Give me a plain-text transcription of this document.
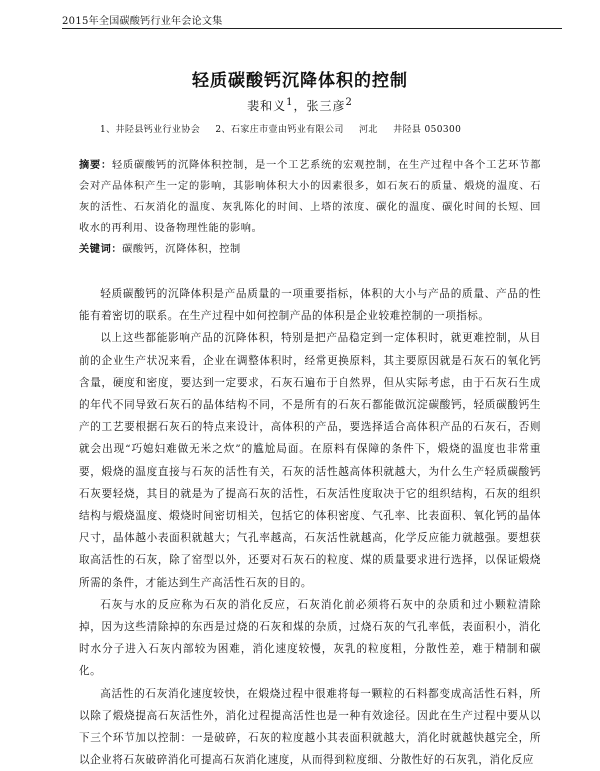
2015年全国碳酸钙行业年会论文集
轻质碳酸钙沉降体积的控制
裴和义$^1$，张三彦$^2$
1、井陉县钙业行业协会 2、石家庄市壹由钙业有限公司 河北 井陉县 050300
摘要：轻质碳酸钙的沉降体积控制，是一个工艺系统的宏观控制，在生产过程中各个工艺环节都会对产品体积产生一定的影响，其影响体积大小的因素很多，如石灰石的质量、煅烧的温度、石灰的活性、石灰消化的温度、灰乳陈化的时间、上塔的浓度、碳化的温度、碳化时间的长短、回收水的再利用、设备物理性能的影响。
关键词：碳酸钙，沉降体积，控制

轻质碳酸钙的沉降体积是产品质量的一项重要指标，体积的大小与产品的质量、产品的性能有着密切的联系。在生产过程中如何控制产品的体积是企业较难控制的一项指标。

以上这些都能影响产品的沉降体积，特别是把产品稳定到一定体积时，就更难控制，从目前的企业生产状况来看，企业在调整体积时，经常更换原料，其主要原因就是石灰石的氧化钙含量，硬度和密度，要达到一定要求，石灰石遍布于自然界，但从实际考虑，由于石灰石生成的年代不同导致石灰石的晶体结构不同，不是所有的石灰石都能做沉淀碳酸钙，轻质碳酸钙生产的工艺要根据石灰石的特点来设计，高体积的产品，要选择适合高体积产品的石灰石，否则就会出现“巧媳妇难做无米之炊”的尴尬局面。在原料有保障的条件下，煅烧的温度也非常重要，煅烧的温度直接与石灰的活性有关，石灰的活性越高体积就越大，为什么生产轻质碳酸钙石灰要轻烧，其目的就是为了提高石灰的活性，石灰活性度取决于它的组织结构，石灰的组织结构与煅烧温度、煅烧时间密切相关，包括它的体积密度、气孔率、比表面积、氧化钙的晶体尺寸，晶体越小表面积就越大；气孔率越高，石灰活性就越高，化学反应能力就越强。要想获取高活性的石灰，除了窑型以外，还要对石灰石的粒度、煤的质量要求进行选择，以保证煅烧所需的条件，才能达到生产高活性石灰的目的。

石灰与水的反应称为石灰的消化反应，石灰消化前必须将石灰中的杂质和过小颗粒清除掉，因为这些清除掉的东西是过烧的石灰和煤的杂质，过烧石灰的气孔率低，表面积小，消化时水分子进入石灰内部较为困难，消化速度较慢，灰乳的粒度粗，分散性差，难于精制和碳化。

高活性的石灰消化速度较快，在煅烧过程中很难将每一颗粒的石料都变成高活性石料，所以除了煅烧提高石灰活性外，消化过程提高活性也是一种有效途径。因此在生产过程中要从以下三个环节加以控制：一是破碎，石灰的粒度越小其表面积就越大，消化时就越快越完全，所以企业将石灰破碎消化可提高石灰消化速度，从而得到粒度细、分散性好的石灰乳，消化反应
